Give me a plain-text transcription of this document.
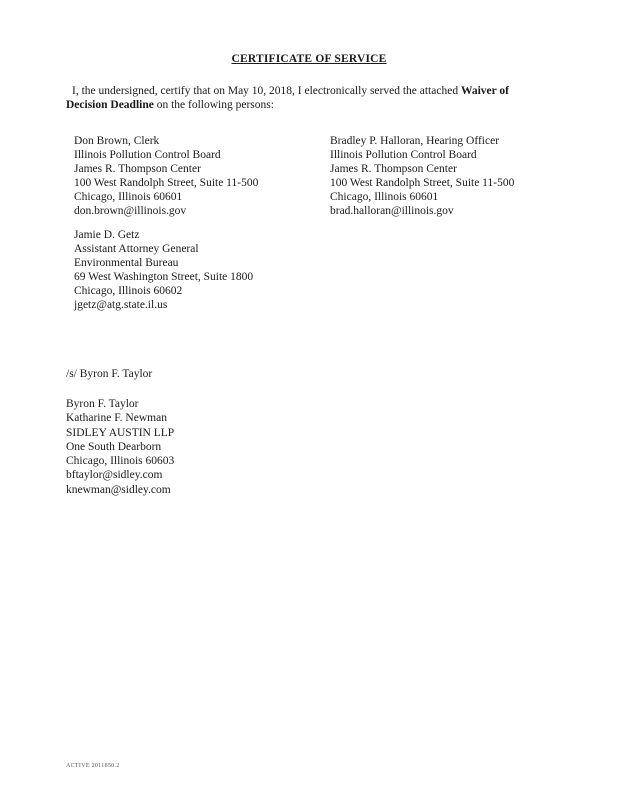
CERTIFICATE OF SERVICE
I, the undersigned, certify that on May 10, 2018, I electronically served the attached Waiver of
Decision Deadline on the following persons:
Don Brown, Clerk
Illinois Pollution Control Board
James R. Thompson Center
100 West Randolph Street, Suite 11-500
Chicago, Illinois 60601
don.brown@illinois.gov
Bradley P. Halloran, Hearing Officer
Illinois Pollution Control Board
James R. Thompson Center
100 West Randolph Street, Suite 11-500
Chicago, Illinois 60601
brad.halloran@illinois.gov
Jamie D. Getz
Assistant Attorney General
Environmental Bureau
69 West Washington Street, Suite 1800
Chicago, Illinois 60602
jgetz@atg.state.il.us
/s/ Byron F. Taylor
Byron F. Taylor
Katharine F. Newman
SIDLEY AUSTIN LLP
One South Dearborn
Chicago, Illinois 60603
bftaylor@sidley.com
knewman@sidley.com
ACTIVE 2011850.2
